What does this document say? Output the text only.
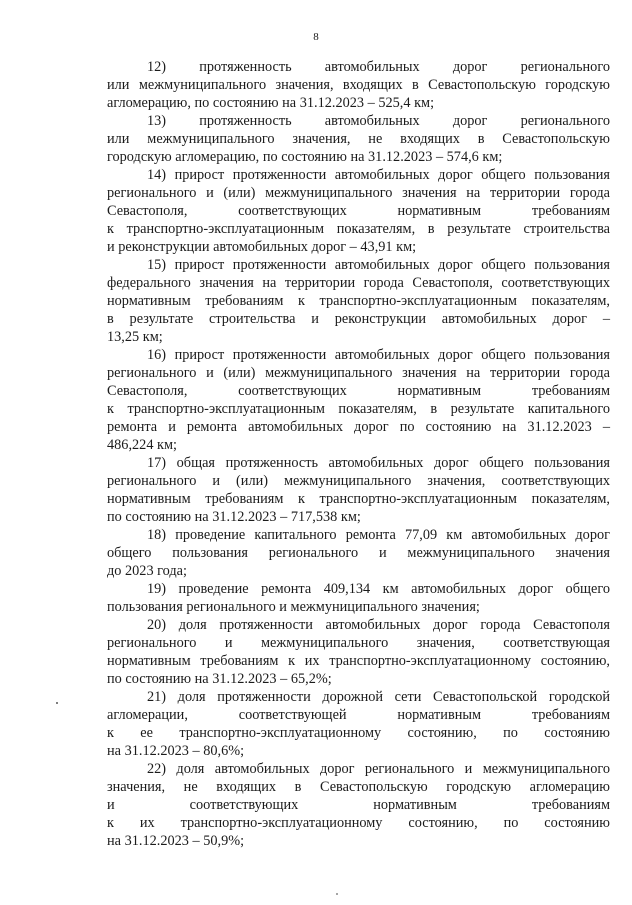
8

12) протяженность автомобильных дорог регионального
или межмуниципального значения, входящих в Севастопольскую городскую
агломерацию, по состоянию на 31.12.2023 – 525,4 км;

13) протяженность автомобильных дорог регионального
или межмуниципального значения, не входящих в Севастопольскую
городскую агломерацию, по состоянию на 31.12.2023 – 574,6 км;

14) прирост протяженности автомобильных дорог общего пользования
регионального и (или) межмуниципального значения на территории города
Севастополя, соответствующих нормативным требованиям
к транспортно-эксплуатационным показателям, в результате строительства
и реконструкции автомобильных дорог – 43,91 км;

15) прирост протяженности автомобильных дорог общего пользования
федерального значения на территории города Севастополя, соответствующих
нормативным требованиям к транспортно-эксплуатационным показателям,
в результате строительства и реконструкции автомобильных дорог –
13,25 км;

16) прирост протяженности автомобильных дорог общего пользования
регионального и (или) межмуниципального значения на территории города
Севастополя, соответствующих нормативным требованиям
к транспортно-эксплуатационным показателям, в результате капитального
ремонта и ремонта автомобильных дорог по состоянию на 31.12.2023 –
486,224 км;

17) общая протяженность автомобильных дорог общего пользования
регионального и (или) межмуниципального значения, соответствующих
нормативным требованиям к транспортно-эксплуатационным показателям,
по состоянию на 31.12.2023 – 717,538 км;

18) проведение капитального ремонта 77,09 км автомобильных дорог
общего пользования регионального и межмуниципального значения
до 2023 года;

19) проведение ремонта 409,134 км автомобильных дорог общего
пользования регионального и межмуниципального значения;

20) доля протяженности автомобильных дорог города Севастополя
регионального и межмуниципального значения, соответствующая
нормативным требованиям к их транспортно-эксплуатационному состоянию,
по состоянию на 31.12.2023 – 65,2%;

21) доля протяженности дорожной сети Севастопольской городской
агломерации, соответствующей нормативным требованиям
к ее транспортно-эксплуатационному состоянию, по состоянию
на 31.12.2023 – 80,6%;

22) доля автомобильных дорог регионального и межмуниципального
значения, не входящих в Севастопольскую городскую агломерацию
и соответствующих нормативным требованиям
к их транспортно-эксплуатационному состоянию, по состоянию
на 31.12.2023 – 50,9%;
